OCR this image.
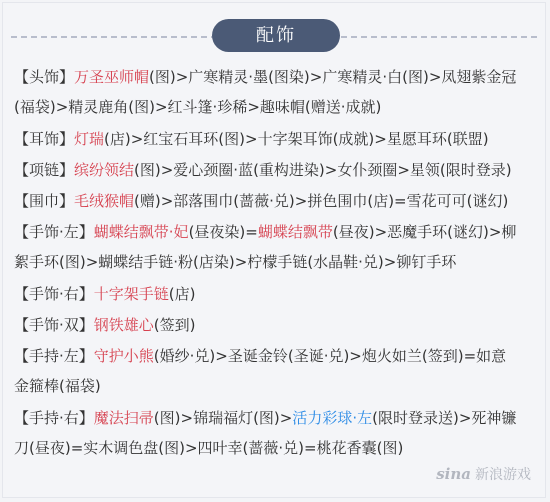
配饰
【头饰】万圣巫师帽(图)>广寒精灵·墨(图染)>广寒精灵·白(图)>凤翅紫金冠
(福袋)>精灵鹿角(图)>红斗篷·珍稀>趣味帽(赠送·成就)
【耳饰】灯瑞(店)>红宝石耳环(图)>十字架耳饰(成就)>星愿耳环(联盟)
【项链】缤纷领结(图)>爱心颈圈·蓝(重构进染)>女仆颈圈>星领(限时登录)
【围巾】毛绒猴帽(赠)>部落围巾(蔷薇·兑)>拼色围巾(店)=雪花可可(谜幻)
【手饰·左】蝴蝶结飘带·妃(昼夜染)=蝴蝶结飘带(昼夜)>恶魔手环(谜幻)>柳
絮手环(图)>蝴蝶结手链·粉(店染)>柠檬手链(水晶鞋·兑)>铆钉手环
【手饰·右】十字架手链(店)
【手饰·双】钢铁雄心(签到)
【手持·左】守护小熊(婚纱·兑)>圣诞金铃(圣诞·兑)>炮火如兰(签到)=如意
金箍棒(福袋)
【手持·右】魔法扫帚(图)>锦瑞福灯(图)>活力彩球·左(限时登录送)>死神镰
刀(昼夜)=实木调色盘(图)>四叶幸(蔷薇·兑)=桃花香囊(图)
sina 新浪游戏
